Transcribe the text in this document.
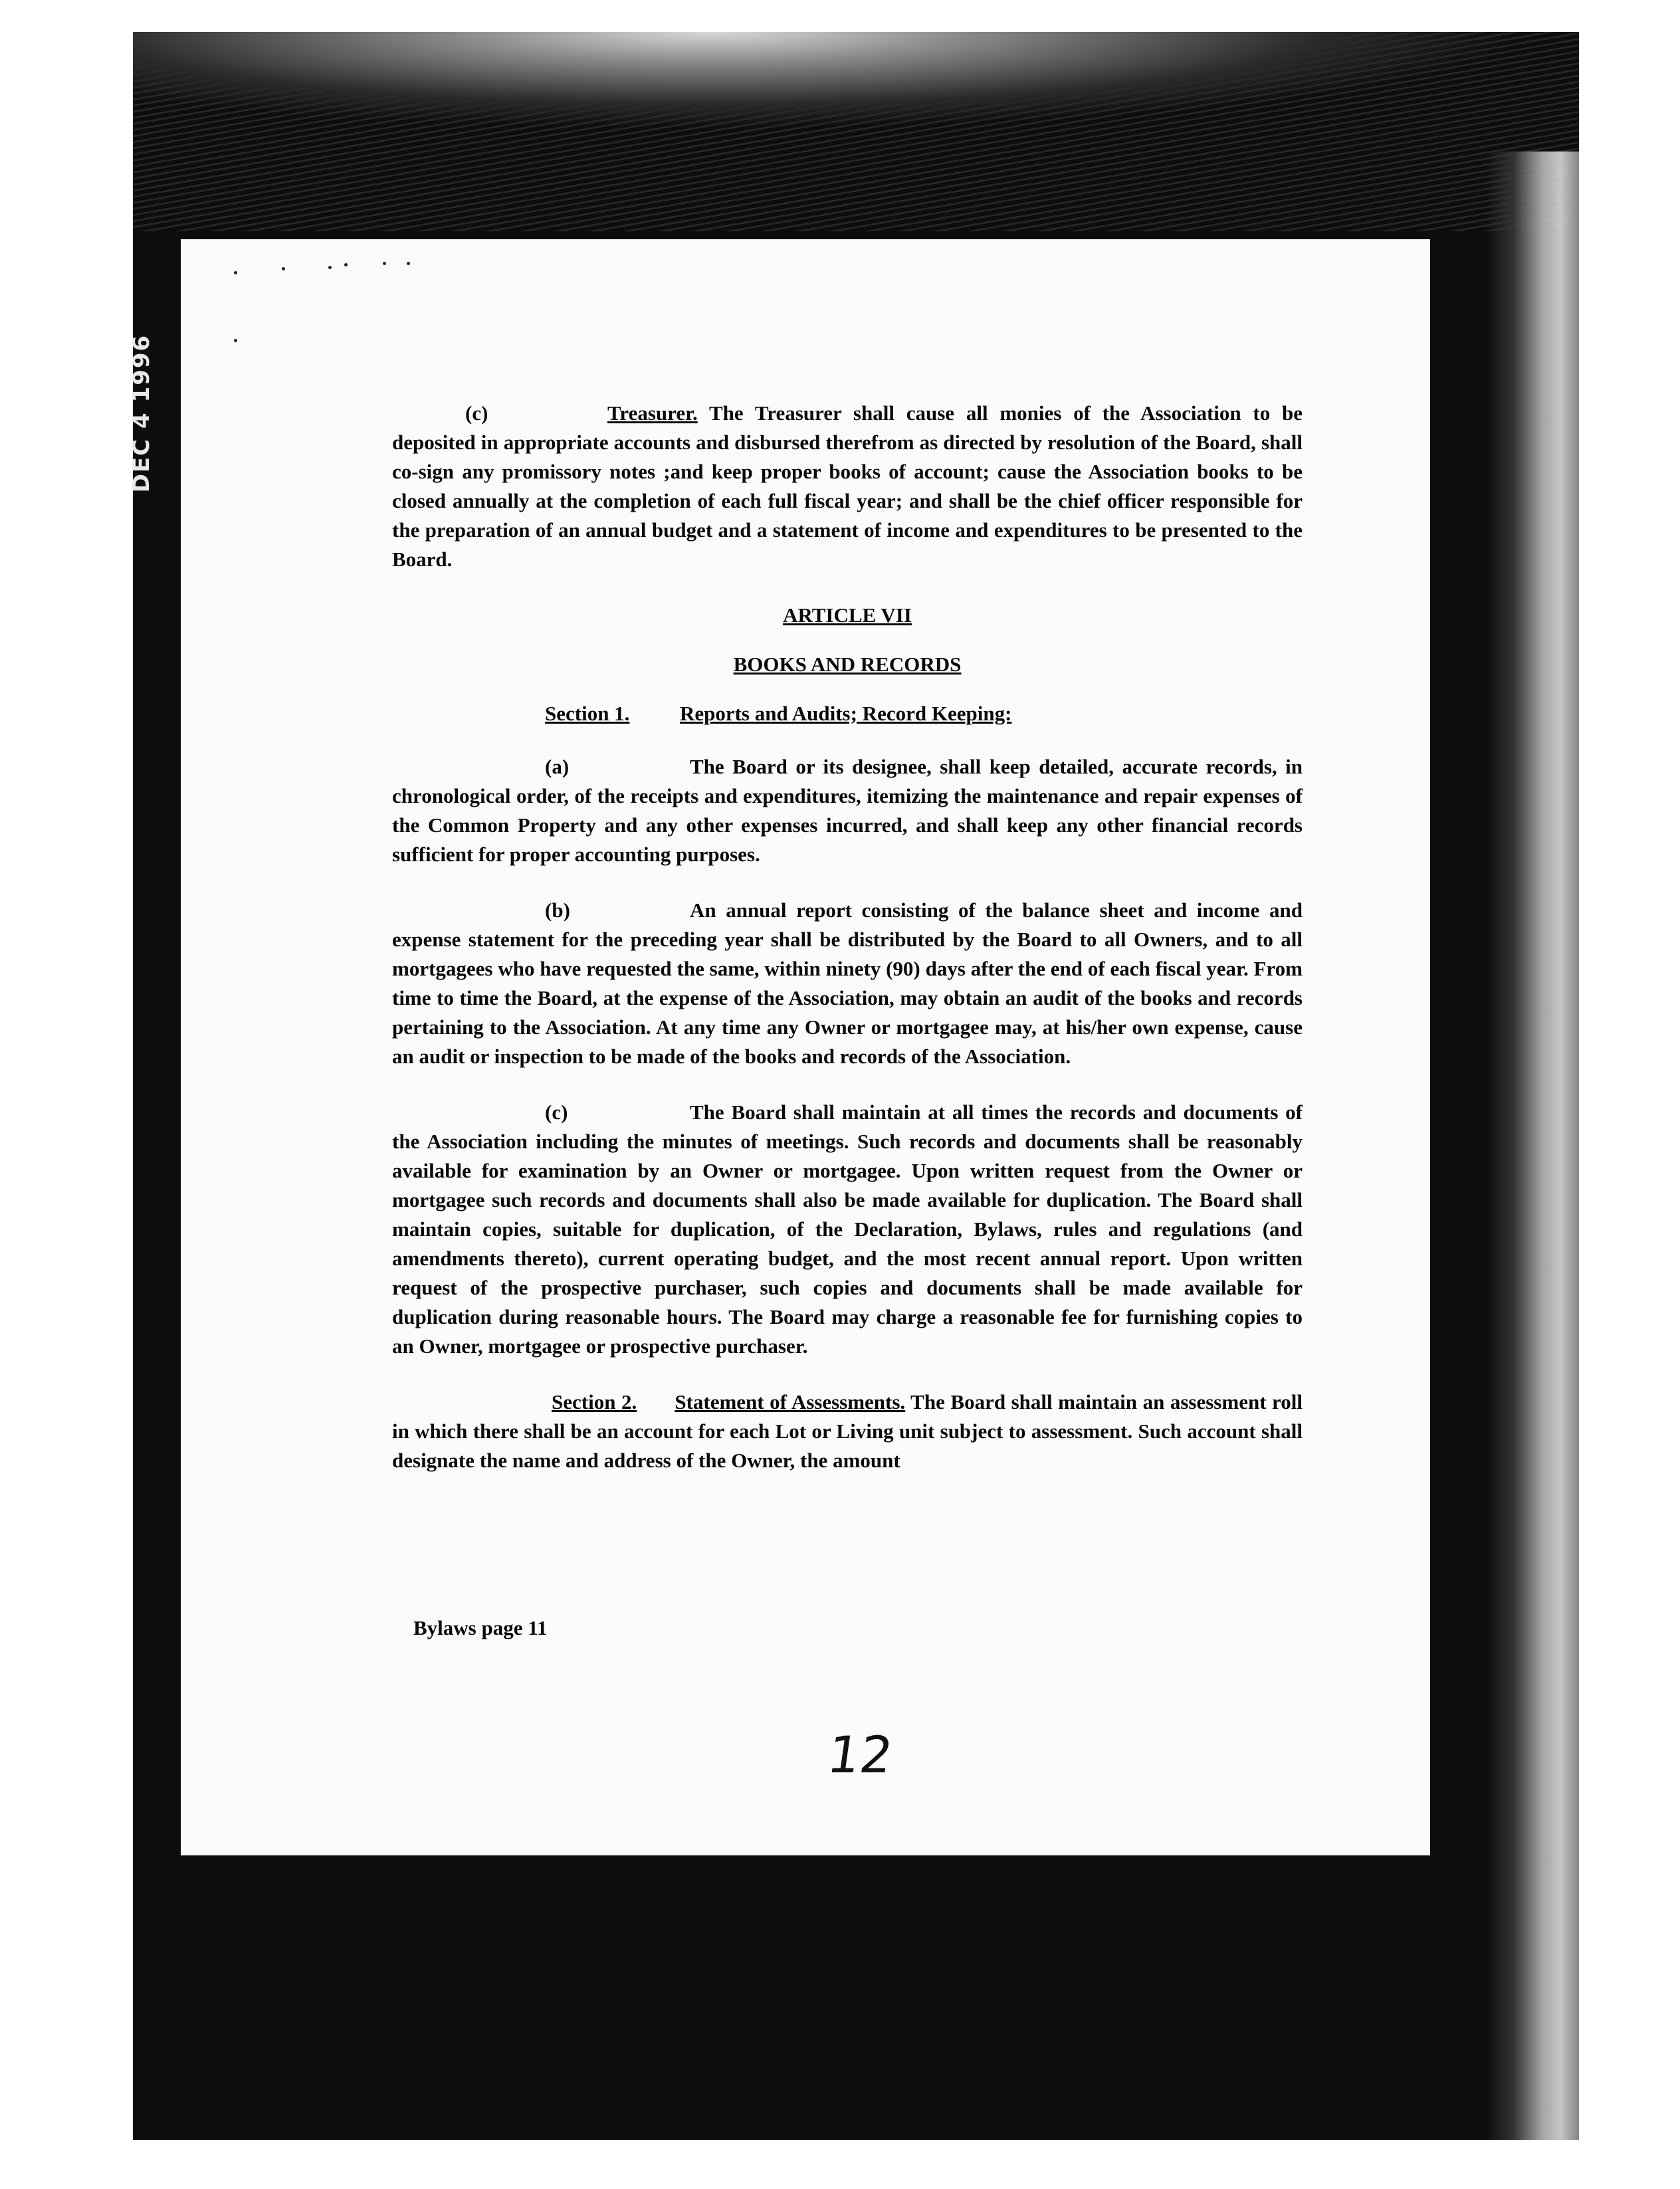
DEC 4 1996	(c)	Treasurer. The Treasurer shall cause all monies of the Association to be deposited in appropriate accounts and disbursed therefrom as directed by resolution of the Board, shall co-sign any promissory notes ;and keep proper books of account; cause the Association books to be closed annually at the completion of each full fiscal year; and shall be the chief officer responsible for the preparation of an annual budget and a statement of income and expenditures to be presented to the Board.

ARTICLE VII

BOOKS AND RECORDS

Section 1. Reports and Audits; Record Keeping:

(a)	The Board or its designee, shall keep detailed, accurate records, in chronological order, of the receipts and expenditures, itemizing the maintenance and repair expenses of the Common Property and any other expenses incurred, and shall keep any other financial records sufficient for proper accounting purposes.

(b)	An annual report consisting of the balance sheet and income and expense statement for the preceding year shall be distributed by the Board to all Owners, and to all mortgagees who have requested the same, within ninety (90) days after the end of each fiscal year. From time to time the Board, at the expense of the Association, may obtain an audit of the books and records pertaining to the Association. At any time any Owner or mortgagee may, at his/her own expense, cause an audit or inspection to be made of the books and records of the Association.

(c)	The Board shall maintain at all times the records and documents of the Association including the minutes of meetings. Such records and documents shall be reasonably available for examination by an Owner or mortgagee. Upon written request from the Owner or mortgagee such records and documents shall also be made available for duplication. The Board shall maintain copies, suitable for duplication, of the Declaration, Bylaws, rules and regulations (and amendments thereto), current operating budget, and the most recent annual report. Upon written request of the prospective purchaser, such copies and documents shall be made available for duplication during reasonable hours. The Board may charge a reasonable fee for furnishing copies to an Owner, mortgagee or prospective purchaser.

Section 2. Statement of Assessments. The Board shall maintain an assessment roll in which there shall be an account for each Lot or Living unit subject to assessment. Such account shall designate the name and address of the Owner, the amount

Bylaws page 11
12
